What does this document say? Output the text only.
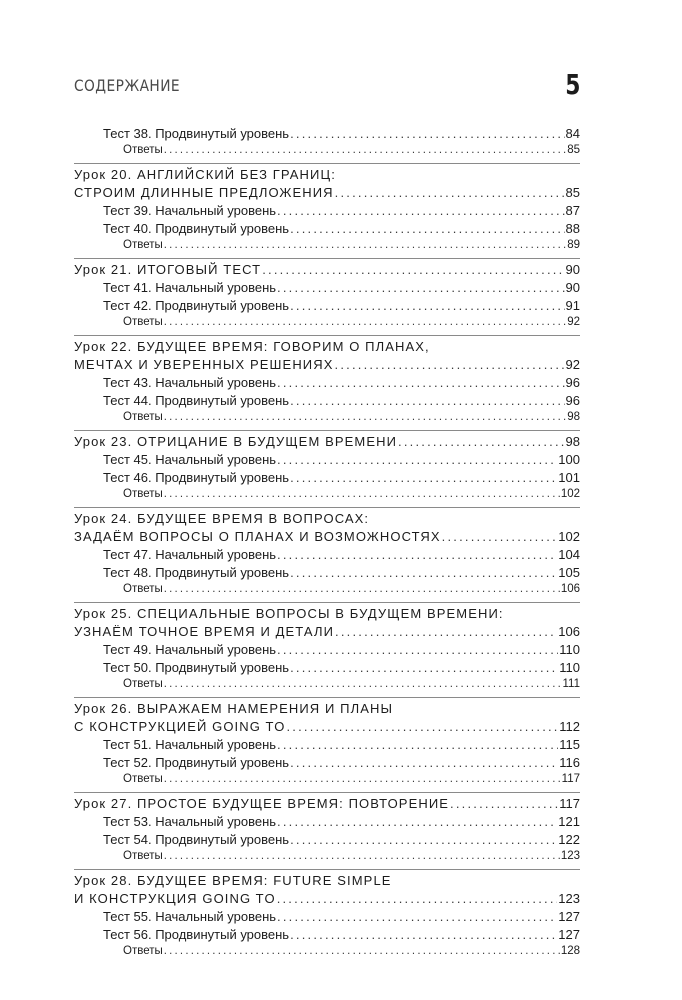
СОДЕРЖАНИЕ	5
Тест 38. Продвинутый уровень .....	84
Ответы .....	85
Урок 20. АНГЛИЙСКИЙ БЕЗ ГРАНИЦ:
СТРОИМ ДЛИННЫЕ ПРЕДЛОЖЕНИЯ .....	85
Тест 39. Начальный уровень .....	87
Тест 40. Продвинутый уровень .....	88
Ответы .....	89
Урок 21. ИТОГОВЫЙ ТЕСТ .....	90
Тест 41. Начальный уровень .....	90
Тест 42. Продвинутый уровень .....	91
Ответы .....	92
Урок 22. БУДУЩЕЕ ВРЕМЯ: ГОВОРИМ О ПЛАНАХ,
МЕЧТАХ И УВЕРЕННЫХ РЕШЕНИЯХ .....	92
Тест 43. Начальный уровень .....	96
Тест 44. Продвинутый уровень .....	96
Ответы .....	98
Урок 23. ОТРИЦАНИЕ В БУДУЩЕМ ВРЕМЕНИ .....	98
Тест 45. Начальный уровень .....	100
Тест 46. Продвинутый уровень .....	101
Ответы .....	102
Урок 24. БУДУЩЕЕ ВРЕМЯ В ВОПРОСАХ:
ЗАДАЁМ ВОПРОСЫ О ПЛАНАХ И ВОЗМОЖНОСТЯХ .....	102
Тест 47. Начальный уровень .....	104
Тест 48. Продвинутый уровень .....	105
Ответы .....	106
Урок 25. СПЕЦИАЛЬНЫЕ ВОПРОСЫ В БУДУЩЕМ ВРЕМЕНИ:
УЗНАЁМ ТОЧНОЕ ВРЕМЯ И ДЕТАЛИ .....	106
Тест 49. Начальный уровень .....	110
Тест 50. Продвинутый уровень .....	110
Ответы .....	111
Урок 26. ВЫРАЖАЕМ НАМЕРЕНИЯ И ПЛАНЫ
С КОНСТРУКЦИЕЙ GOING TO .....	112
Тест 51. Начальный уровень .....	115
Тест 52. Продвинутый уровень .....	116
Ответы .....	117
Урок 27. ПРОСТОЕ БУДУЩЕЕ ВРЕМЯ: ПОВТОРЕНИЕ .....	117
Тест 53. Начальный уровень .....	121
Тест 54. Продвинутый уровень .....	122
Ответы .....	123
Урок 28. БУДУЩЕЕ ВРЕМЯ: FUTURE SIMPLE
И КОНСТРУКЦИЯ GOING TO .....	123
Тест 55. Начальный уровень .....	127
Тест 56. Продвинутый уровень .....	127
Ответы .....	128
